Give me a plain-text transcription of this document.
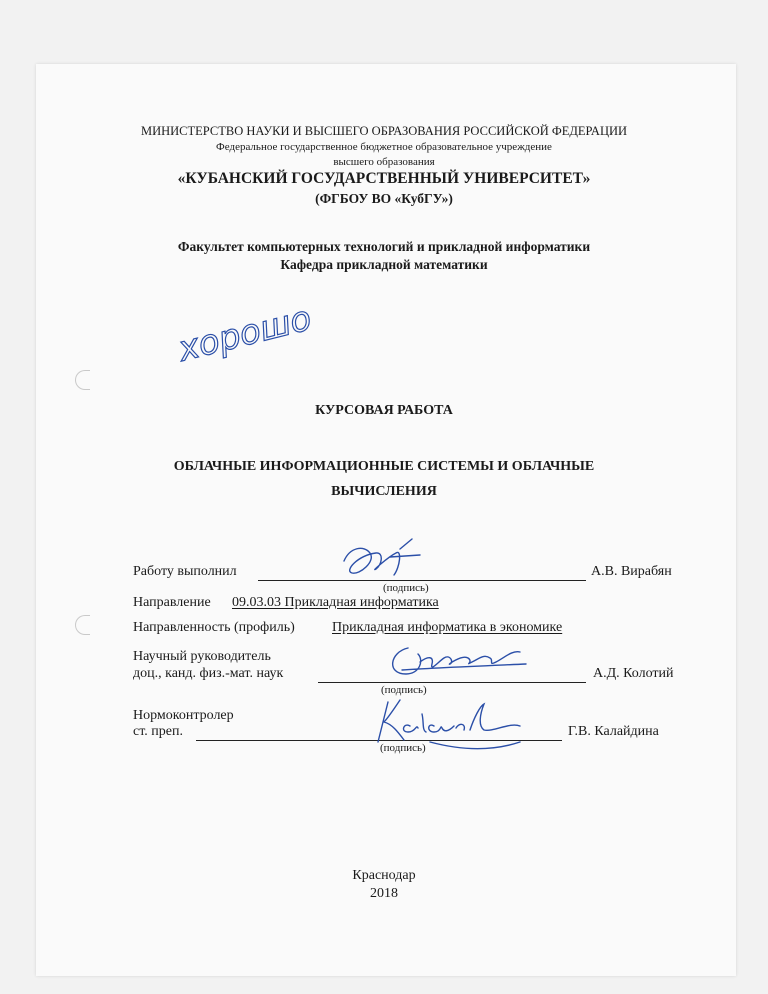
МИНИСТЕРСТВО НАУКИ И ВЫСШЕГО ОБРАЗОВАНИЯ РОССИЙСКОЙ ФЕДЕРАЦИИ
Федеральное государственное бюджетное образовательное учреждение
высшего образования
«КУБАНСКИЙ ГОСУДАРСТВЕННЫЙ УНИВЕРСИТЕТ»
(ФГБОУ ВО «КубГУ»)
Факультет компьютерных технологий и прикладной информатики
Кафедра прикладной математики
хорошо
КУРСОВАЯ РАБОТА
ОБЛАЧНЫЕ ИНФОРМАЦИОННЫЕ СИСТЕМЫ И ОБЛАЧНЫЕ
ВЫЧИСЛЕНИЯ
Работу выполнил	А.В. Вирабян
(подпись)
Направление 09.03.03 Прикладная информатика
Направленность (профиль)	Прикладная информатика в экономике
Научный руководитель
доц., канд. физ.-мат. наук	А.Д. Колотий
(подпись)
Нормоконтролер
ст. преп.	Г.В. Калайдина
(подпись)
Краснодар
2018
